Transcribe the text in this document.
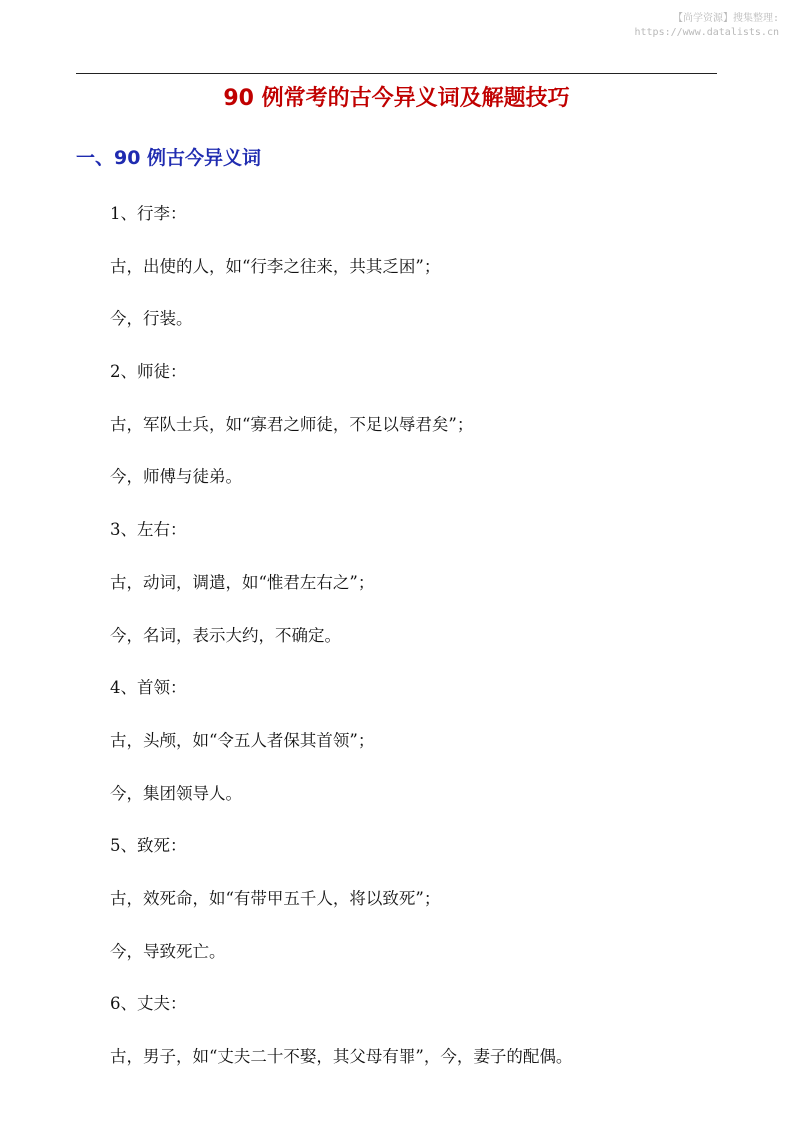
【尚学资源】搜集整理:
https://www.datalists.cn
90 例常考的古今异义词及解题技巧
一、90 例古今异义词

1、行李：

古，出使的人，如“行李之往来，共其乏困”；

今，行装。

2、师徒：

古，军队士兵，如“寡君之师徒，不足以辱君矣”；

今，师傅与徒弟。

3、左右：

古，动词，调遣，如“惟君左右之”；

今，名词，表示大约，不确定。

4、首领：

古，头颅，如“令五人者保其首领”；

今，集团领导人。

5、致死：

古，效死命，如“有带甲五千人，将以致死”；

今，导致死亡。

6、丈夫：

古，男子，如“丈夫二十不娶，其父母有罪”，今，妻子的配偶。
